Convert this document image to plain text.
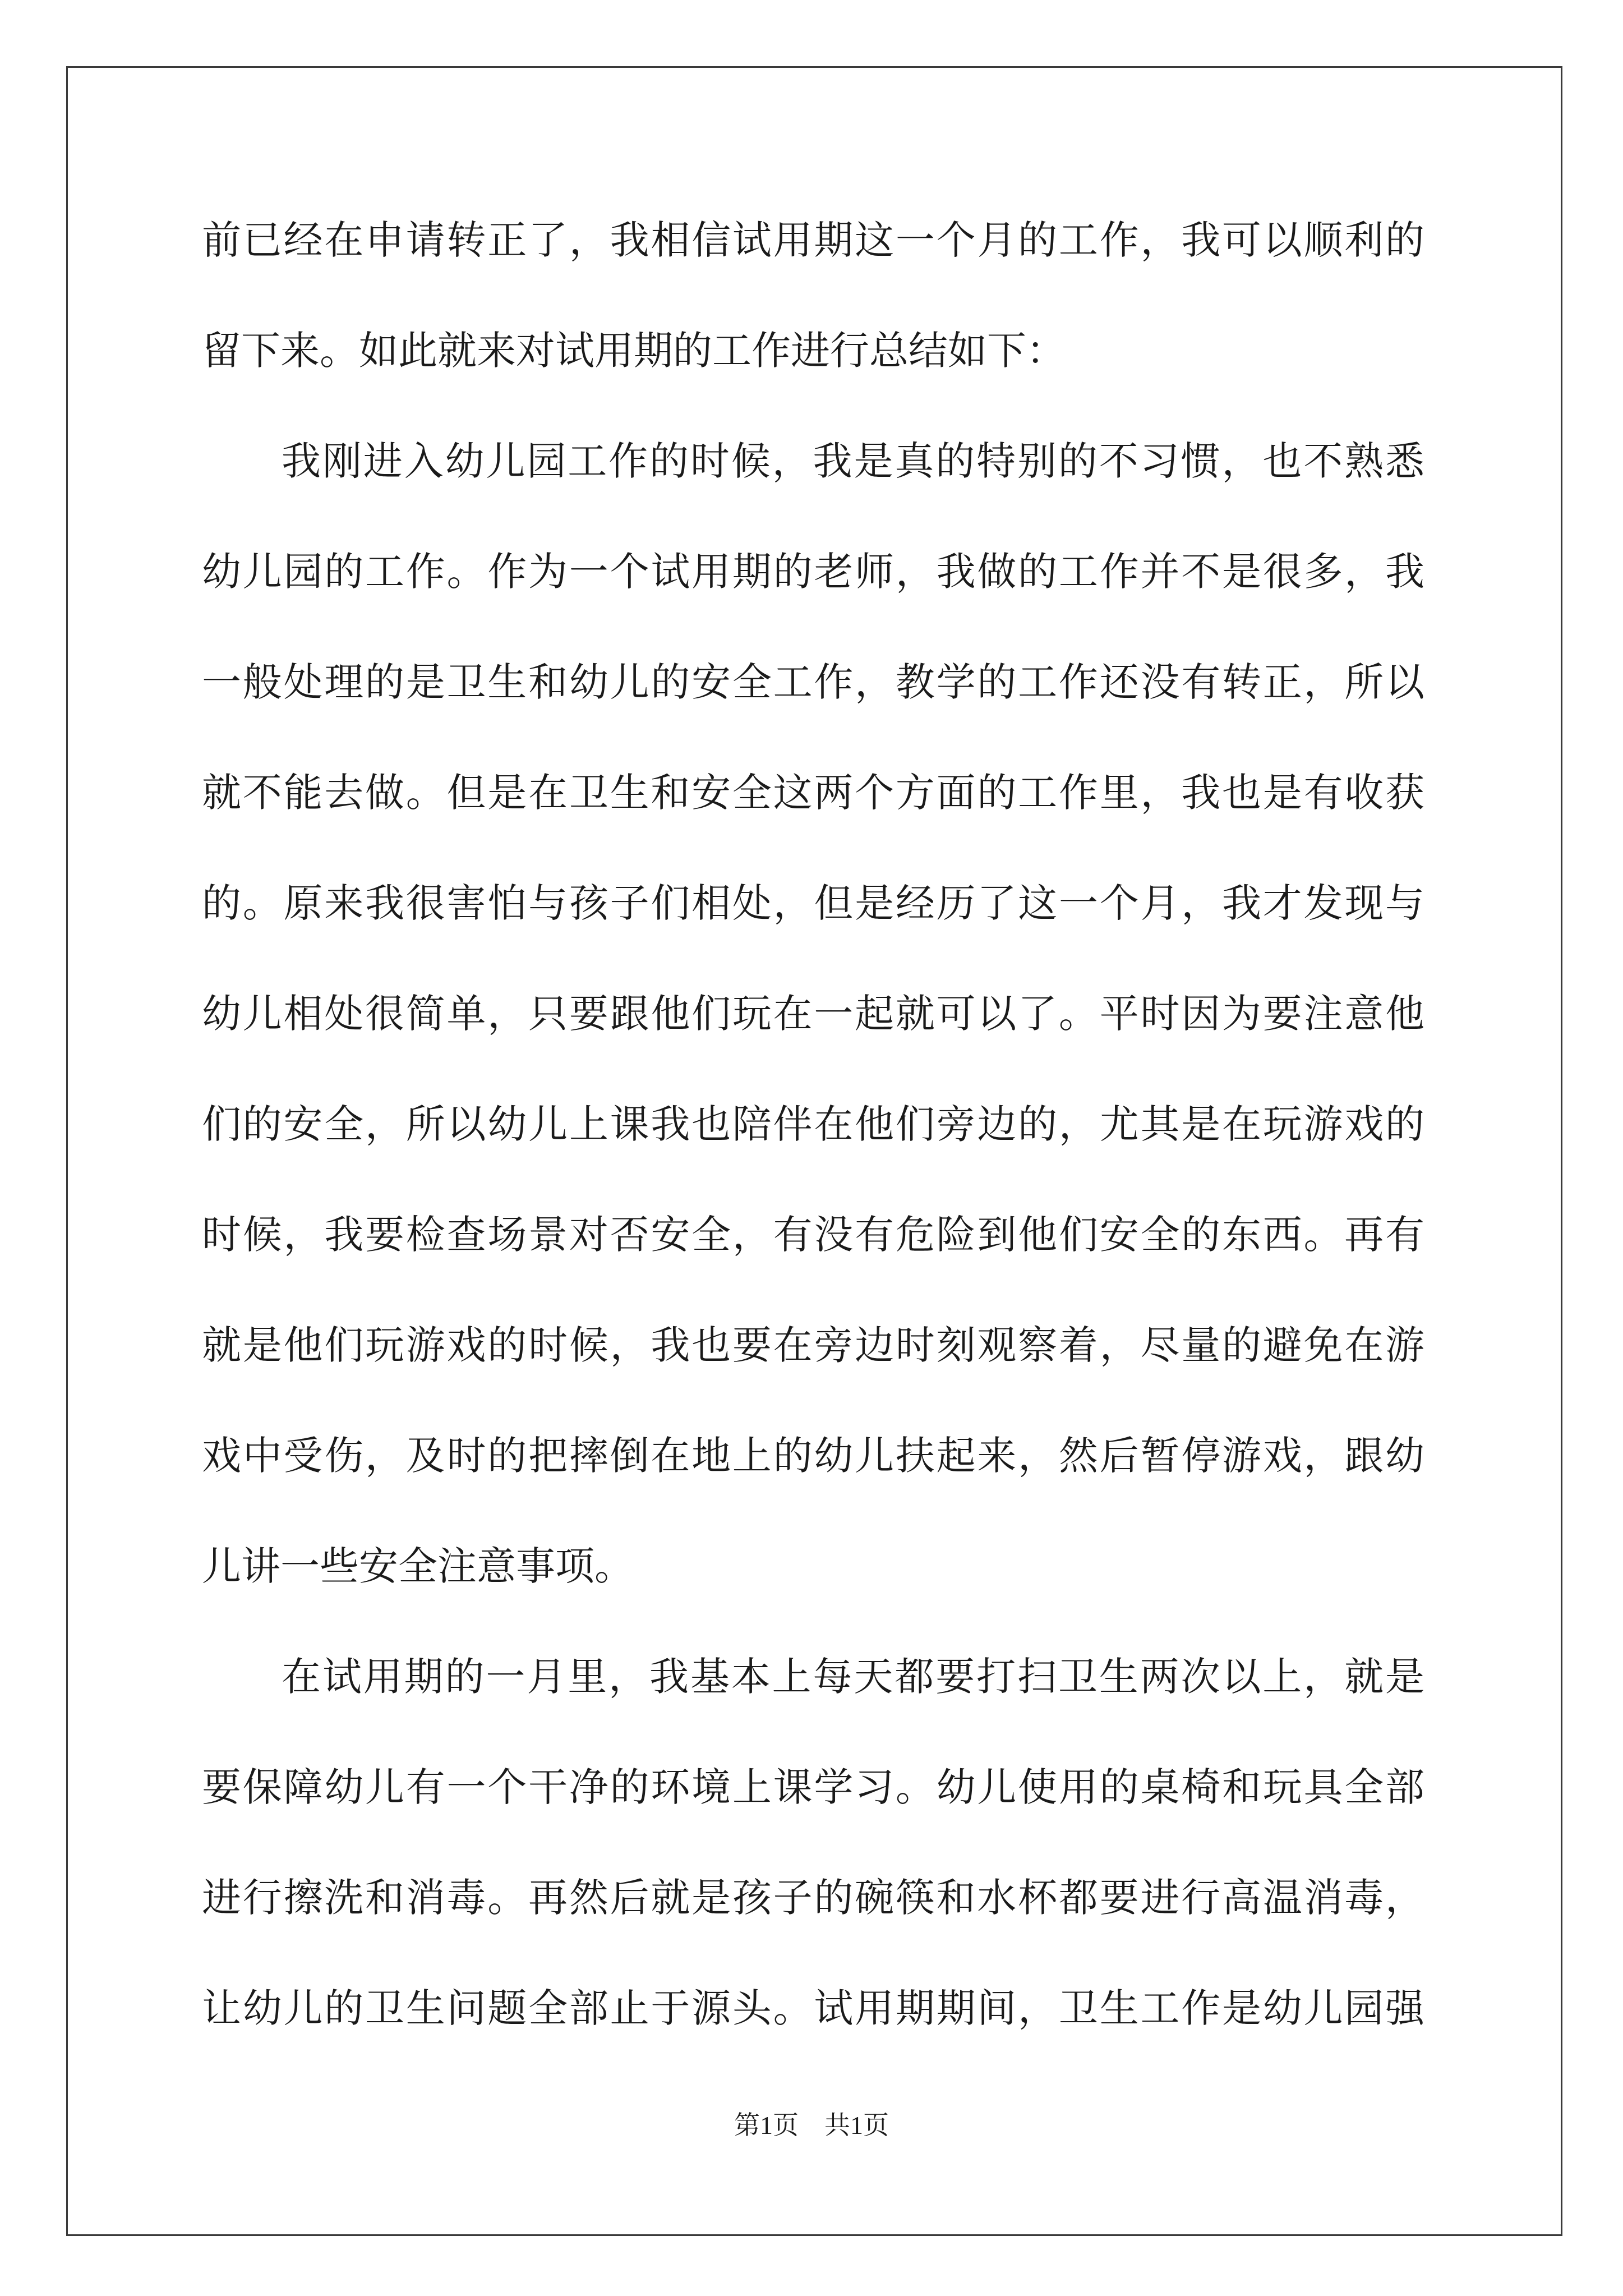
前已经在申请转正了，我相信试用期这一个月的工作，我可以顺利的
留下来。如此就来对试用期的工作进行总结如下：
我刚进入幼儿园工作的时候，我是真的特别的不习惯，也不熟悉
幼儿园的工作。作为一个试用期的老师，我做的工作并不是很多，我
一般处理的是卫生和幼儿的安全工作，教学的工作还没有转正，所以
就不能去做。但是在卫生和安全这两个方面的工作里，我也是有收获
的。原来我很害怕与孩子们相处，但是经历了这一个月，我才发现与
幼儿相处很简单，只要跟他们玩在一起就可以了。平时因为要注意他
们的安全，所以幼儿上课我也陪伴在他们旁边的，尤其是在玩游戏的
时候，我要检查场景对否安全，有没有危险到他们安全的东西。再有
就是他们玩游戏的时候，我也要在旁边时刻观察着，尽量的避免在游
戏中受伤，及时的把摔倒在地上的幼儿扶起来，然后暂停游戏，跟幼
儿讲一些安全注意事项。
在试用期的一月里，我基本上每天都要打扫卫生两次以上，就是
要保障幼儿有一个干净的环境上课学习。幼儿使用的桌椅和玩具全部
进行擦洗和消毒。再然后就是孩子的碗筷和水杯都要进行高温消毒，
让幼儿的卫生问题全部止于源头。试用期期间，卫生工作是幼儿园强
第1页　共1页
